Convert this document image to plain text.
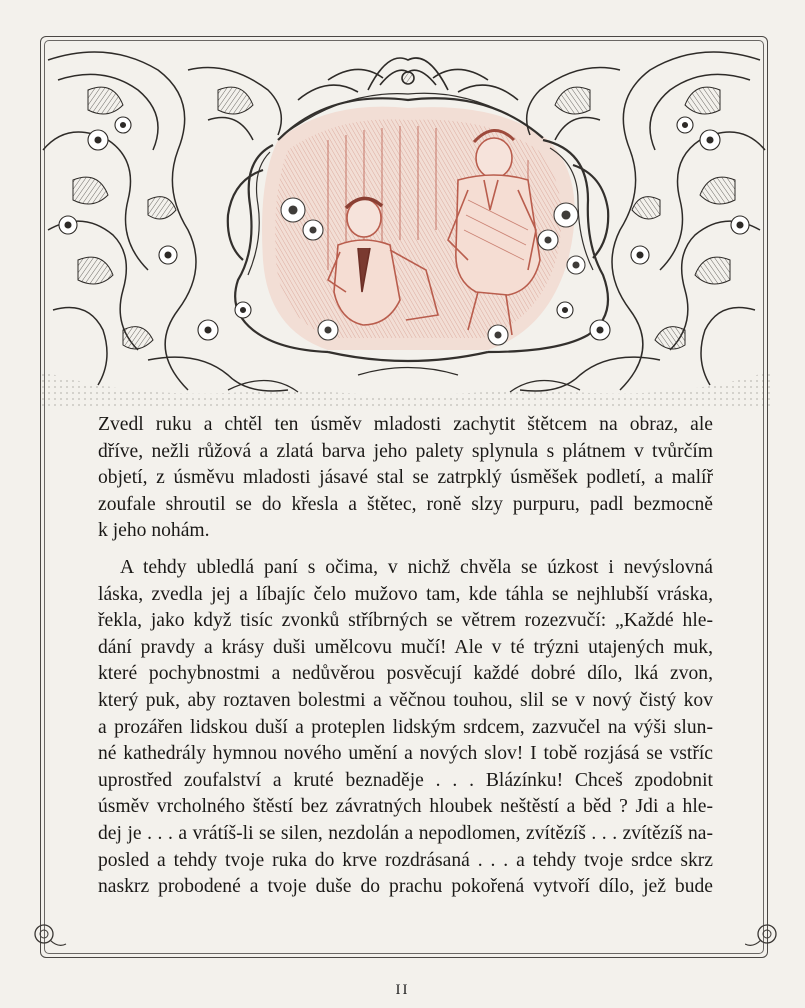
Zvedl ruku a chtěl ten úsměv mladosti zachytit štětcem na obraz, ale
dříve, nežli růžová a zlatá barva jeho palety splynula s plátnem v tvůrčím
objetí, z úsměvu mladosti jásavé stal se zatrpklý úsměšek podletí, a malíř
zoufale shroutil se do křesla a štětec, roně slzy purpuru, padl bezmocně
k jeho nohám.

A tehdy ubledlá paní s očima, v nichž chvěla se úzkost i nevýslovná
láska, zvedla jej a líbajíc čelo mužovo tam, kde táhla se nejhlubší vráska,
řekla, jako když tisíc zvonků stříbrných se větrem rozezvučí: „Každé hle-
dání pravdy a krásy duši umělcovu mučí! Ale v té trýzni utajených muk,
které pochybnostmi a nedůvěrou posvěcují každé dobré dílo, lká zvon,
který puk, aby roztaven bolestmi a věčnou touhou, slil se v nový čistý kov
a prozářen lidskou duší a proteplen lidským srdcem, zazvučel na výši slun-
né kathedrály hymnou nového umění a nových slov! I tobě rozjásá se vstříc
uprostřed zoufalství a kruté beznaděje . . . Blázínku! Chceš zpodobnit
úsměv vrcholného štěstí bez závratných hloubek neštěstí a běd ? Jdi a hle-
dej je . . . a vrátíš-li se silen, nezdolán a nepodlomen, zvítězíš . . . zvítězíš na-
posled a tehdy tvoje ruka do krve rozdrásaná . . . a tehdy tvoje srdce skrz
naskrz probodené a tvoje duše do prachu pokořená vytvoří dílo, jež bude

II
